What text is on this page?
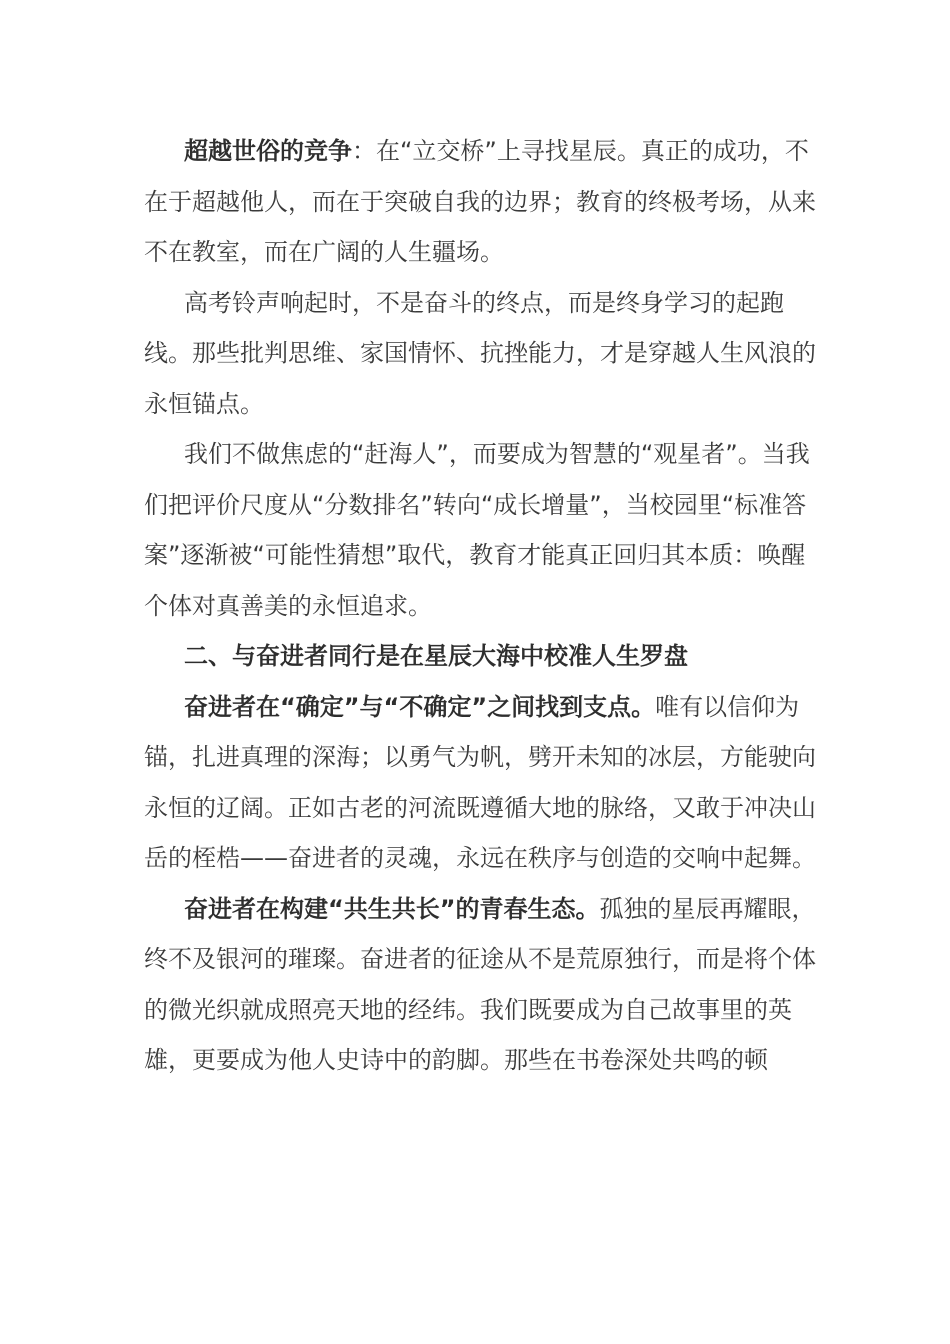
超越世俗的竞争：在“立交桥”上寻找星辰。真正的成功，不在于超越他人，而在于突破自我的边界；教育的终极考场，从来不在教室，而在广阔的人生疆场。

高考铃声响起时，不是奋斗的终点，而是终身学习的起跑线。那些批判思维、家国情怀、抗挫能力，才是穿越人生风浪的永恒锚点。

我们不做焦虑的“赶海人”，而要成为智慧的“观星者”。当我们把评价尺度从“分数排名”转向“成长增量”，当校园里“标准答案”逐渐被“可能性猜想”取代，教育才能真正回归其本质：唤醒个体对真善美的永恒追求。

二、与奋进者同行是在星辰大海中校准人生罗盘

奋进者在“确定”与“不确定”之间找到支点。唯有以信仰为锚，扎进真理的深海；以勇气为帆，劈开未知的冰层，方能驶向永恒的辽阔。正如古老的河流既遵循大地的脉络，又敢于冲决山岳的桎梏——奋进者的灵魂，永远在秩序与创造的交响中起舞。

奋进者在构建“共生共长”的青春生态。孤独的星辰再耀眼，终不及银河的璀璨。奋进者的征途从不是荒原独行，而是将个体的微光织就成照亮天地的经纬。我们既要成为自己故事里的英雄，更要成为他人史诗中的韵脚。那些在书卷深处共鸣的顿
